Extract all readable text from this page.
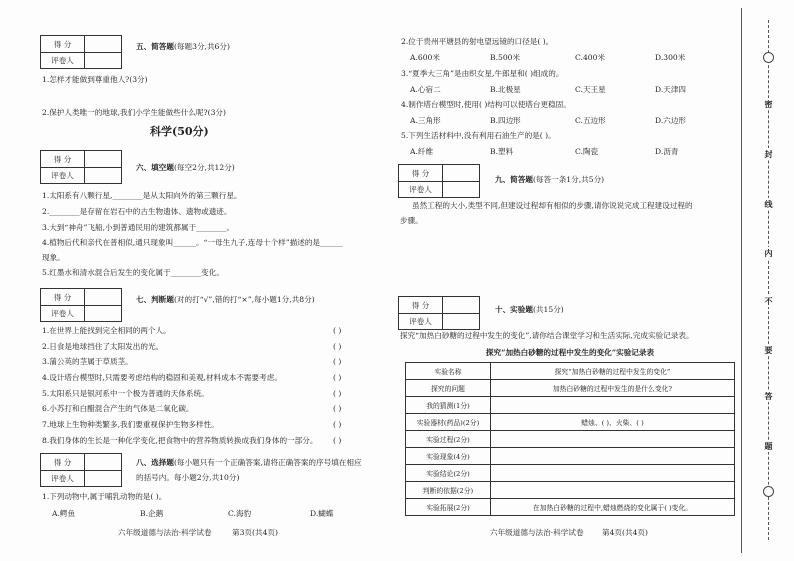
得 分
评卷人
五、简答题(每题3分,共6分)
1.怎样才能做到尊重他人?(3分)
2.保护人类唯一的地球,我们小学生能做些什么呢?(3分)
科学(50分)
得 分
评卷人
六、填空题(每空2分,共12分)
1.太阳系有八颗行星,________是从太阳向外的第三颗行星。
2.________是存留在岩石中的古生物遗体、遗物或遗迹。
3.大到“神舟”飞船,小到普通民用的建筑都属于________。
4.植物后代和亲代在普相似,通只现象叫______。“一母生九子,连母十个样”描述的是______
现象。
5.红墨水和清水混合后发生的变化属于________变化。
得 分
评卷人
七、判断题(对的打“√”,错的打“×”,每小题1分,共8分)
1.在世界上能找到完全相同的两个人。	( )
2.日食是地球挡住了太阳发出的光。	( )
3.蒲公英的茎属于草质茎。	( )
4.设计塔台模型时,只需要考虑结构的稳固和美观,材料成本不需要考虑。	( )
5.太阳系只是银河系中一个极为普通的天体系统。	( )
6.小苏打和白醋混合产生的气体是二氧化碳。	( )
7.地球上生物种类繁多,我们要重视保护生物多样性。	( )
8.我们身体的生长是一种化学变化,把食物中的营养物质转换成我们身体的一部分。 ( )
得 分
评卷人
八、选择题(每小题只有一个正确答案,请将正确答案的序号填在相应
的括号内。每小题2分,共10分)
1.下列动物中,属于哺乳动物的是( )。
A.鳄鱼	B.企鹅	C.海豹	D.蝴蝶
六年级道德与法治·科学试卷	第3页(共4页)
2.位于贵州平塘县的射电望远镜的口径是( )。
A.600米	B.500米	C.400米	D.300米
3.“夏季大三角”是由织女星,牛郎星和( )组成的。
A.心宿二	B.北极星	C.天王星	D.天津四
4.制作塔台模型时,使用( )结构可以使塔台更稳固。
A.三角形	B.四边形	C.五边形	D.六边形
5.下列生活材料中,没有利用石油生产的是( )。
A.纤维	B.塑料	C.陶瓷	D.沥青
得 分
评卷人
九、简答题(每答一条1分,共5分)
虽然工程的大小,类型不同,但建设过程却有相似的步骤,请你说说完成工程建设过程的
步骤。
得 分
评卷人
十、实验题(共15分)
探究“加热白砂糖的过程中发生的变化”,请你结合课堂学习和生活实际,完成实验记录表。
探究“加热白砂糖的过程中发生的变化”实验记录表
实验名称	探究“加热白砂糖的过程中发生的变化”
探究的问题	加热白砂糖的过程中发生的是什么变化?
我的猜测(1分)	
实验器材(药品)(2分)	蜡烛、( )、火柴、( )
实验过程(2分)	
实验现象(4分)	
实验结论(2分)	
判断的依据(2分)	
实验拓展(2分)	在加热白砂糖的过程中,蜡烛燃烧的变化属于( )变化。
六年级道德与法治·科学试卷 第4页(共4页)
密
封
线
内
不
要
答
题
